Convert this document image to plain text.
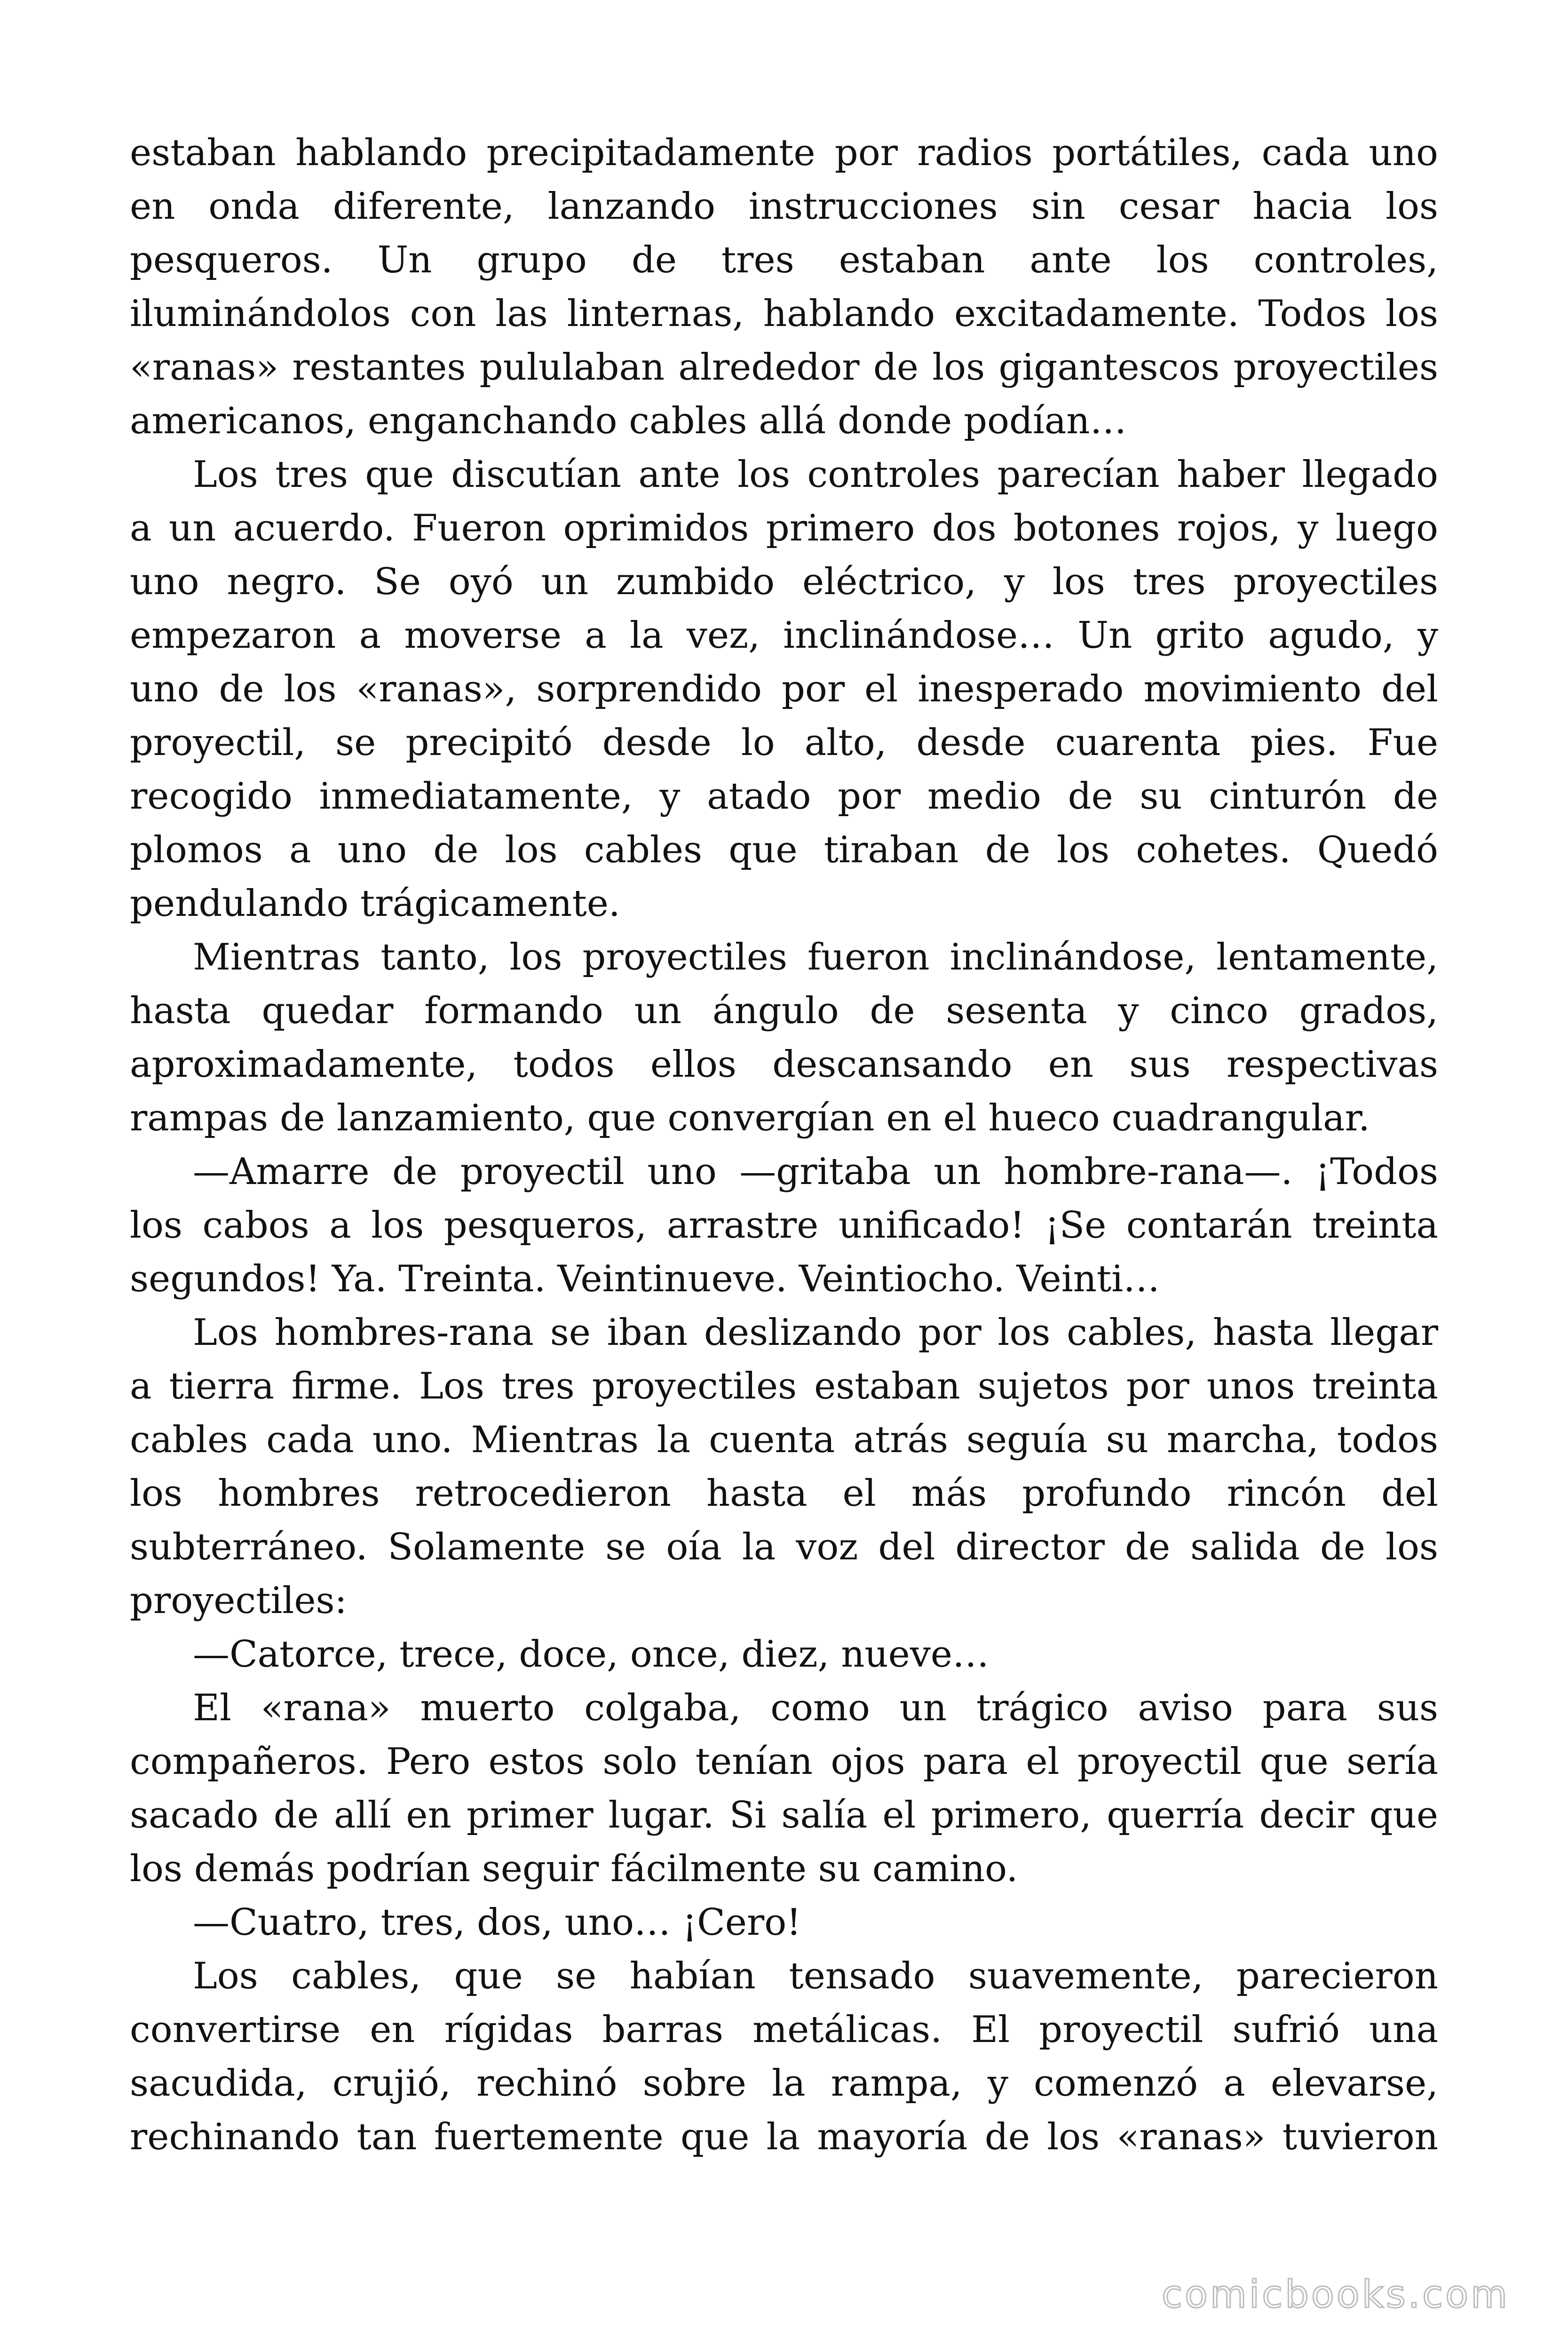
estaban hablando precipitadamente por radios portátiles, cada uno
en onda diferente, lanzando instrucciones sin cesar hacia los
pesqueros. Un grupo de tres estaban ante los controles,
iluminándolos con las linternas, hablando excitadamente. Todos los
«ranas» restantes pululaban alrededor de los gigantescos proyectiles
americanos, enganchando cables allá donde podían…
Los tres que discutían ante los controles parecían haber llegado
a un acuerdo. Fueron oprimidos primero dos botones rojos, y luego
uno negro. Se oyó un zumbido eléctrico, y los tres proyectiles
empezaron a moverse a la vez, inclinándose… Un grito agudo, y
uno de los «ranas», sorprendido por el inesperado movimiento del
proyectil, se precipitó desde lo alto, desde cuarenta pies. Fue
recogido inmediatamente, y atado por medio de su cinturón de
plomos a uno de los cables que tiraban de los cohetes. Quedó
pendulando trágicamente.
Mientras tanto, los proyectiles fueron inclinándose, lentamente,
hasta quedar formando un ángulo de sesenta y cinco grados,
aproximadamente, todos ellos descansando en sus respectivas
rampas de lanzamiento, que convergían en el hueco cuadrangular.
—Amarre de proyectil uno —gritaba un hombre-rana—. ¡Todos
los cabos a los pesqueros, arrastre unificado! ¡Se contarán treinta
segundos! Ya. Treinta. Veintinueve. Veintiocho. Veinti…
Los hombres-rana se iban deslizando por los cables, hasta llegar
a tierra firme. Los tres proyectiles estaban sujetos por unos treinta
cables cada uno. Mientras la cuenta atrás seguía su marcha, todos
los hombres retrocedieron hasta el más profundo rincón del
subterráneo. Solamente se oía la voz del director de salida de los
proyectiles:
—Catorce, trece, doce, once, diez, nueve…
El «rana» muerto colgaba, como un trágico aviso para sus
compañeros. Pero estos solo tenían ojos para el proyectil que sería
sacado de allí en primer lugar. Si salía el primero, querría decir que
los demás podrían seguir fácilmente su camino.
—Cuatro, tres, dos, uno… ¡Cero!
Los cables, que se habían tensado suavemente, parecieron
convertirse en rígidas barras metálicas. El proyectil sufrió una
sacudida, crujió, rechinó sobre la rampa, y comenzó a elevarse,
rechinando tan fuertemente que la mayoría de los «ranas» tuvieron
comicbooks.com
